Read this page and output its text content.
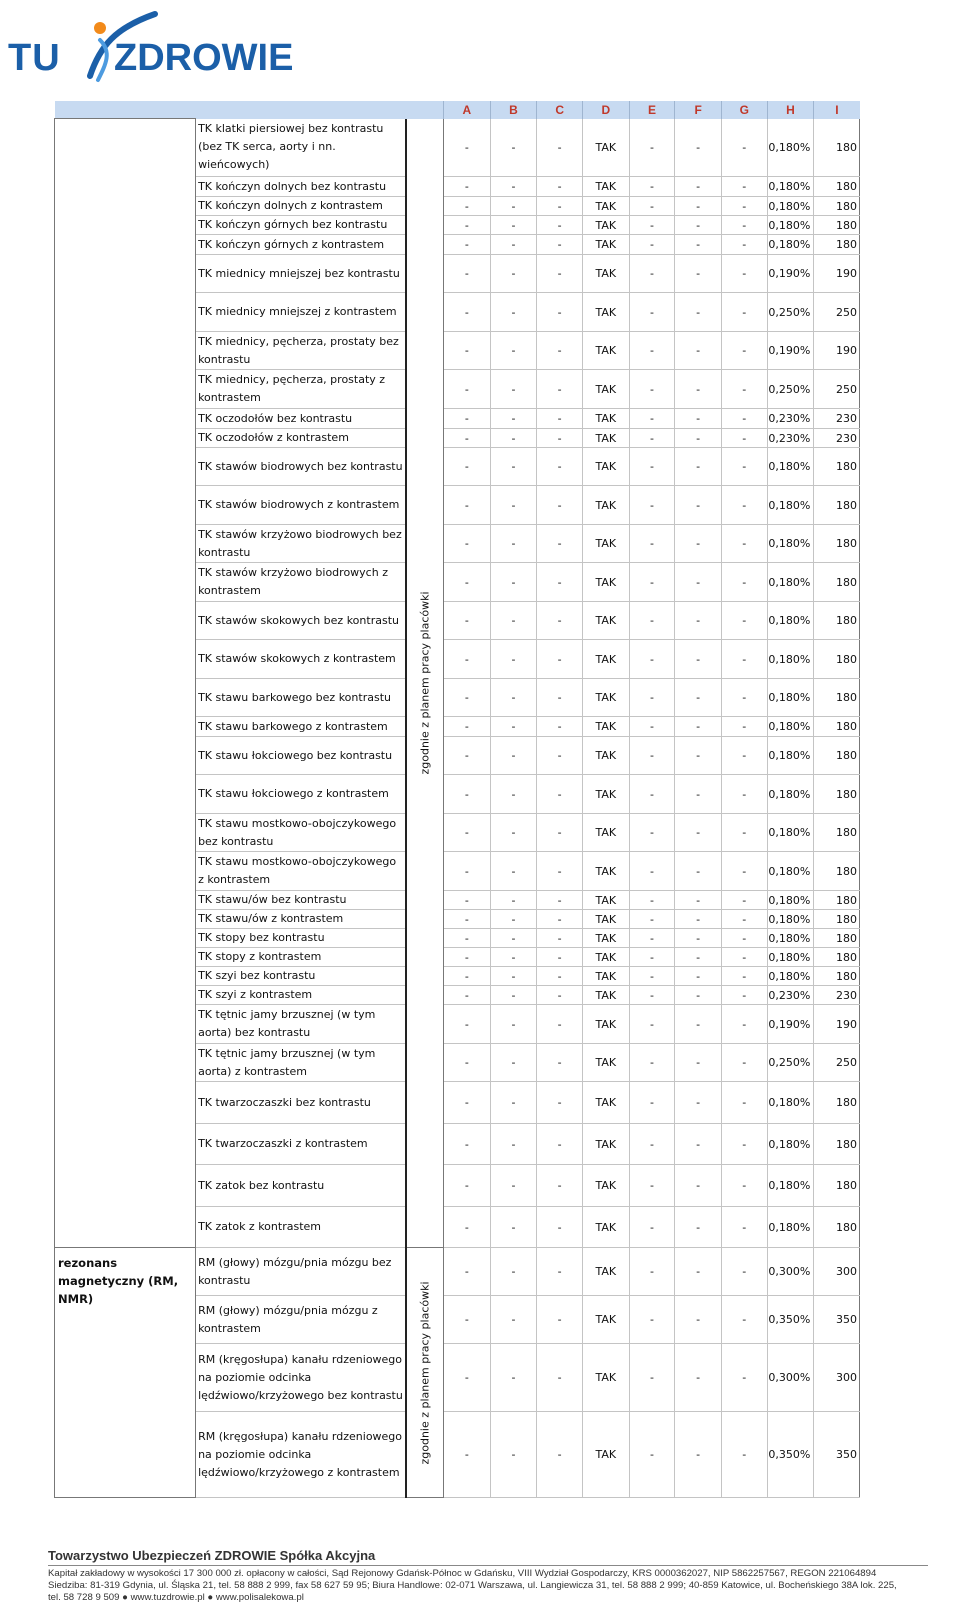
TU ZDROWIE
			A	B	C	D	E	F	G	H	I
	TK klatki piersiowej bez kontrastu (bez TK serca, aorty i nn. wieńcowych)	zgodnie z planem pracy placówki	-	-	-	TAK	-	-	-	0,180%	180
	TK kończyn dolnych bez kontrastu		-	-	-	TAK	-	-	-	0,180%	180
	TK kończyn dolnych z kontrastem		-	-	-	TAK	-	-	-	0,180%	180
	TK kończyn górnych bez kontrastu		-	-	-	TAK	-	-	-	0,180%	180
	TK kończyn górnych z kontrastem		-	-	-	TAK	-	-	-	0,180%	180
	TK miednicy mniejszej bez kontrastu		-	-	-	TAK	-	-	-	0,190%	190
	TK miednicy mniejszej z kontrastem		-	-	-	TAK	-	-	-	0,250%	250
	TK miednicy, pęcherza, prostaty bez kontrastu		-	-	-	TAK	-	-	-	0,190%	190
	TK miednicy, pęcherza, prostaty z kontrastem		-	-	-	TAK	-	-	-	0,250%	250
	TK oczodołów bez kontrastu		-	-	-	TAK	-	-	-	0,230%	230
	TK oczodołów z kontrastem		-	-	-	TAK	-	-	-	0,230%	230
	TK stawów biodrowych bez kontrastu		-	-	-	TAK	-	-	-	0,180%	180
	TK stawów biodrowych z kontrastem		-	-	-	TAK	-	-	-	0,180%	180
	TK stawów krzyżowo biodrowych bez kontrastu		-	-	-	TAK	-	-	-	0,180%	180
	TK stawów krzyżowo biodrowych z kontrastem		-	-	-	TAK	-	-	-	0,180%	180
	TK stawów skokowych bez kontrastu		-	-	-	TAK	-	-	-	0,180%	180
	TK stawów skokowych z kontrastem		-	-	-	TAK	-	-	-	0,180%	180
	TK stawu barkowego bez kontrastu		-	-	-	TAK	-	-	-	0,180%	180
	TK stawu barkowego z kontrastem		-	-	-	TAK	-	-	-	0,180%	180
	TK stawu łokciowego bez kontrastu		-	-	-	TAK	-	-	-	0,180%	180
	TK stawu łokciowego z kontrastem		-	-	-	TAK	-	-	-	0,180%	180
	TK stawu mostkowo-obojczykowego bez kontrastu		-	-	-	TAK	-	-	-	0,180%	180
	TK stawu mostkowo-obojczykowego z kontrastem		-	-	-	TAK	-	-	-	0,180%	180
	TK stawu/ów bez kontrastu		-	-	-	TAK	-	-	-	0,180%	180
	TK stawu/ów z kontrastem		-	-	-	TAK	-	-	-	0,180%	180
	TK stopy bez kontrastu		-	-	-	TAK	-	-	-	0,180%	180
	TK stopy z kontrastem		-	-	-	TAK	-	-	-	0,180%	180
	TK szyi bez kontrastu		-	-	-	TAK	-	-	-	0,180%	180
	TK szyi z kontrastem		-	-	-	TAK	-	-	-	0,230%	230
	TK tętnic jamy brzusznej (w tym aorta) bez kontrastu		-	-	-	TAK	-	-	-	0,190%	190
	TK tętnic jamy brzusznej (w tym aorta) z kontrastem		-	-	-	TAK	-	-	-	0,250%	250
	TK twarzoczaszki bez kontrastu		-	-	-	TAK	-	-	-	0,180%	180
	TK twarzoczaszki z kontrastem		-	-	-	TAK	-	-	-	0,180%	180
	TK zatok bez kontrastu		-	-	-	TAK	-	-	-	0,180%	180
	TK zatok z kontrastem		-	-	-	TAK	-	-	-	0,180%	180
rezonans magnetyczny (RM, NMR)	RM (głowy) mózgu/pnia mózgu bez kontrastu	zgodnie z planem pracy placówki	-	-	-	TAK	-	-	-	0,300%	300
	RM (głowy) mózgu/pnia mózgu z kontrastem		-	-	-	TAK	-	-	-	0,350%	350
	RM (kręgosłupa) kanału rdzeniowego na poziomie odcinka lędźwiowo/krzyżowego bez kontrastu		-	-	-	TAK	-	-	-	0,300%	300
	RM (kręgosłupa) kanału rdzeniowego na poziomie odcinka lędźwiowo/krzyżowego z kontrastem		-	-	-	TAK	-	-	-	0,350%	350
Towarzystwo Ubezpieczeń ZDROWIE Spółka Akcyjna
Kapitał zakładowy w wysokości 17 300 000 zł. opłacony w całości, Sąd Rejonowy Gdańsk-Północ w Gdańsku, VIII Wydział Gospodarczy, KRS 0000362027, NIP 5862257567, REGON 221064894
Siedziba: 81-319 Gdynia, ul. Śląska 21, tel. 58 888 2 999, fax 58 627 59 95; Biura Handlowe: 02-071 Warszawa, ul. Langiewicza 31, tel. 58 888 2 999; 40-859 Katowice, ul. Bocheńskiego 38A lok. 225,
tel. 58 728 9 509 ● www.tuzdrowie.pl ● www.polisalekowa.pl
